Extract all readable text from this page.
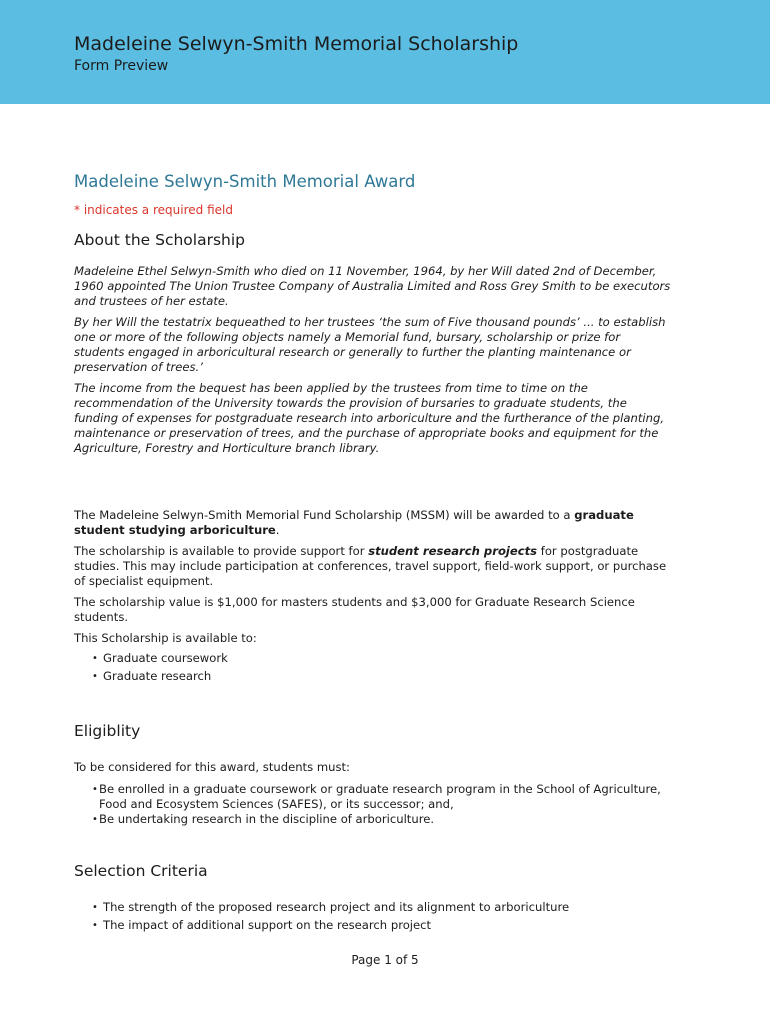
Madeleine Selwyn-Smith Memorial Scholarship
Form Preview
Madeleine Selwyn-Smith Memorial Award
* indicates a required field
About the Scholarship

Madeleine Ethel Selwyn-Smith who died on 11 November, 1964, by her Will dated 2nd of December, 1960 appointed The Union Trustee Company of Australia Limited and Ross Grey Smith to be executors and trustees of her estate.

By her Will the testatrix bequeathed to her trustees ‘the sum of Five thousand pounds’ ... to establish one or more of the following objects namely a Memorial fund, bursary, scholarship or prize for students engaged in arboricultural research or generally to further the planting maintenance or preservation of trees.’

The income from the bequest has been applied by the trustees from time to time on the recommendation of the University towards the provision of bursaries to graduate students, the funding of expenses for postgraduate research into arboriculture and the furtherance of the planting, maintenance or preservation of trees, and the purchase of appropriate books and equipment for the Agriculture, Forestry and Horticulture branch library.

The Madeleine Selwyn-Smith Memorial Fund Scholarship (MSSM) will be awarded to a graduate student studying arboriculture.

The scholarship is available to provide support for student research projects for postgraduate studies. This may include participation at conferences, travel support, field-work support, or purchase of specialist equipment.

The scholarship value is $1,000 for masters students and $3,000 for Graduate Research Science students.

This Scholarship is available to:

• Graduate coursework
• Graduate research
Eligiblity

To be considered for this award, students must:

• Be enrolled in a graduate coursework or graduate research program in the School of Agriculture, Food and Ecosystem Sciences (SAFES), or its successor; and,
• Be undertaking research in the discipline of arboriculture.
Selection Criteria
• The strength of the proposed research project and its alignment to arboriculture
• The impact of additional support on the research project
Page 1 of 5
